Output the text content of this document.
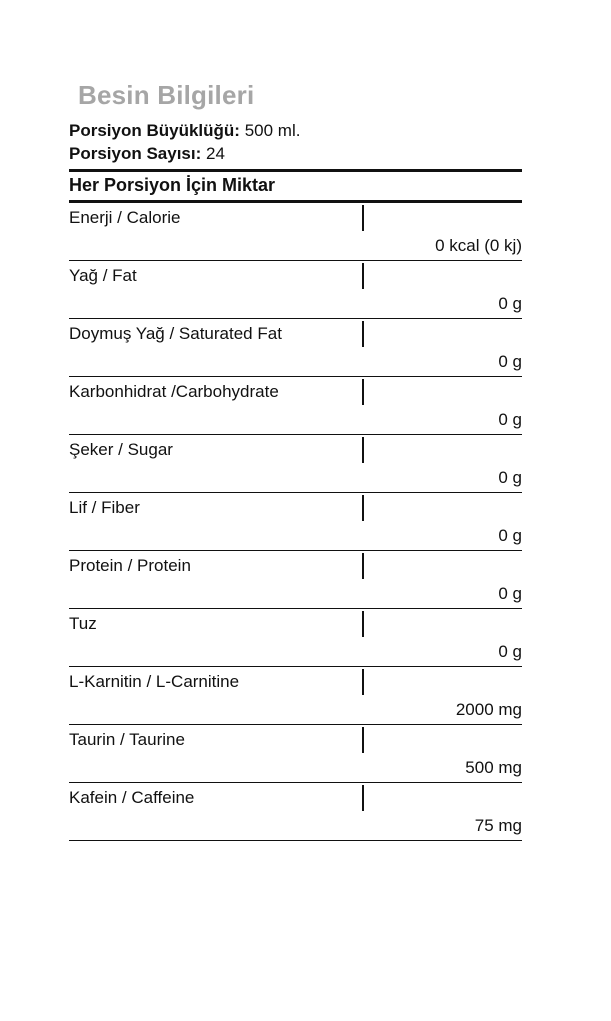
Besin Bilgileri
Porsiyon Büyüklüğü: 500 ml.
Porsiyon Sayısı: 24
Her Porsiyon İçin Miktar
Enerji / Calorie
0 kcal (0 kj)
Yağ / Fat
0 g
Doymuş Yağ / Saturated Fat
0 g
Karbonhidrat /Carbohydrate
0 g
Şeker / Sugar
0 g
Lif / Fiber
0 g
Protein / Protein
0 g
Tuz
0 g
L-Karnitin / L-Carnitine
2000 mg
Taurin / Taurine
500 mg
Kafein / Caffeine
75 mg
